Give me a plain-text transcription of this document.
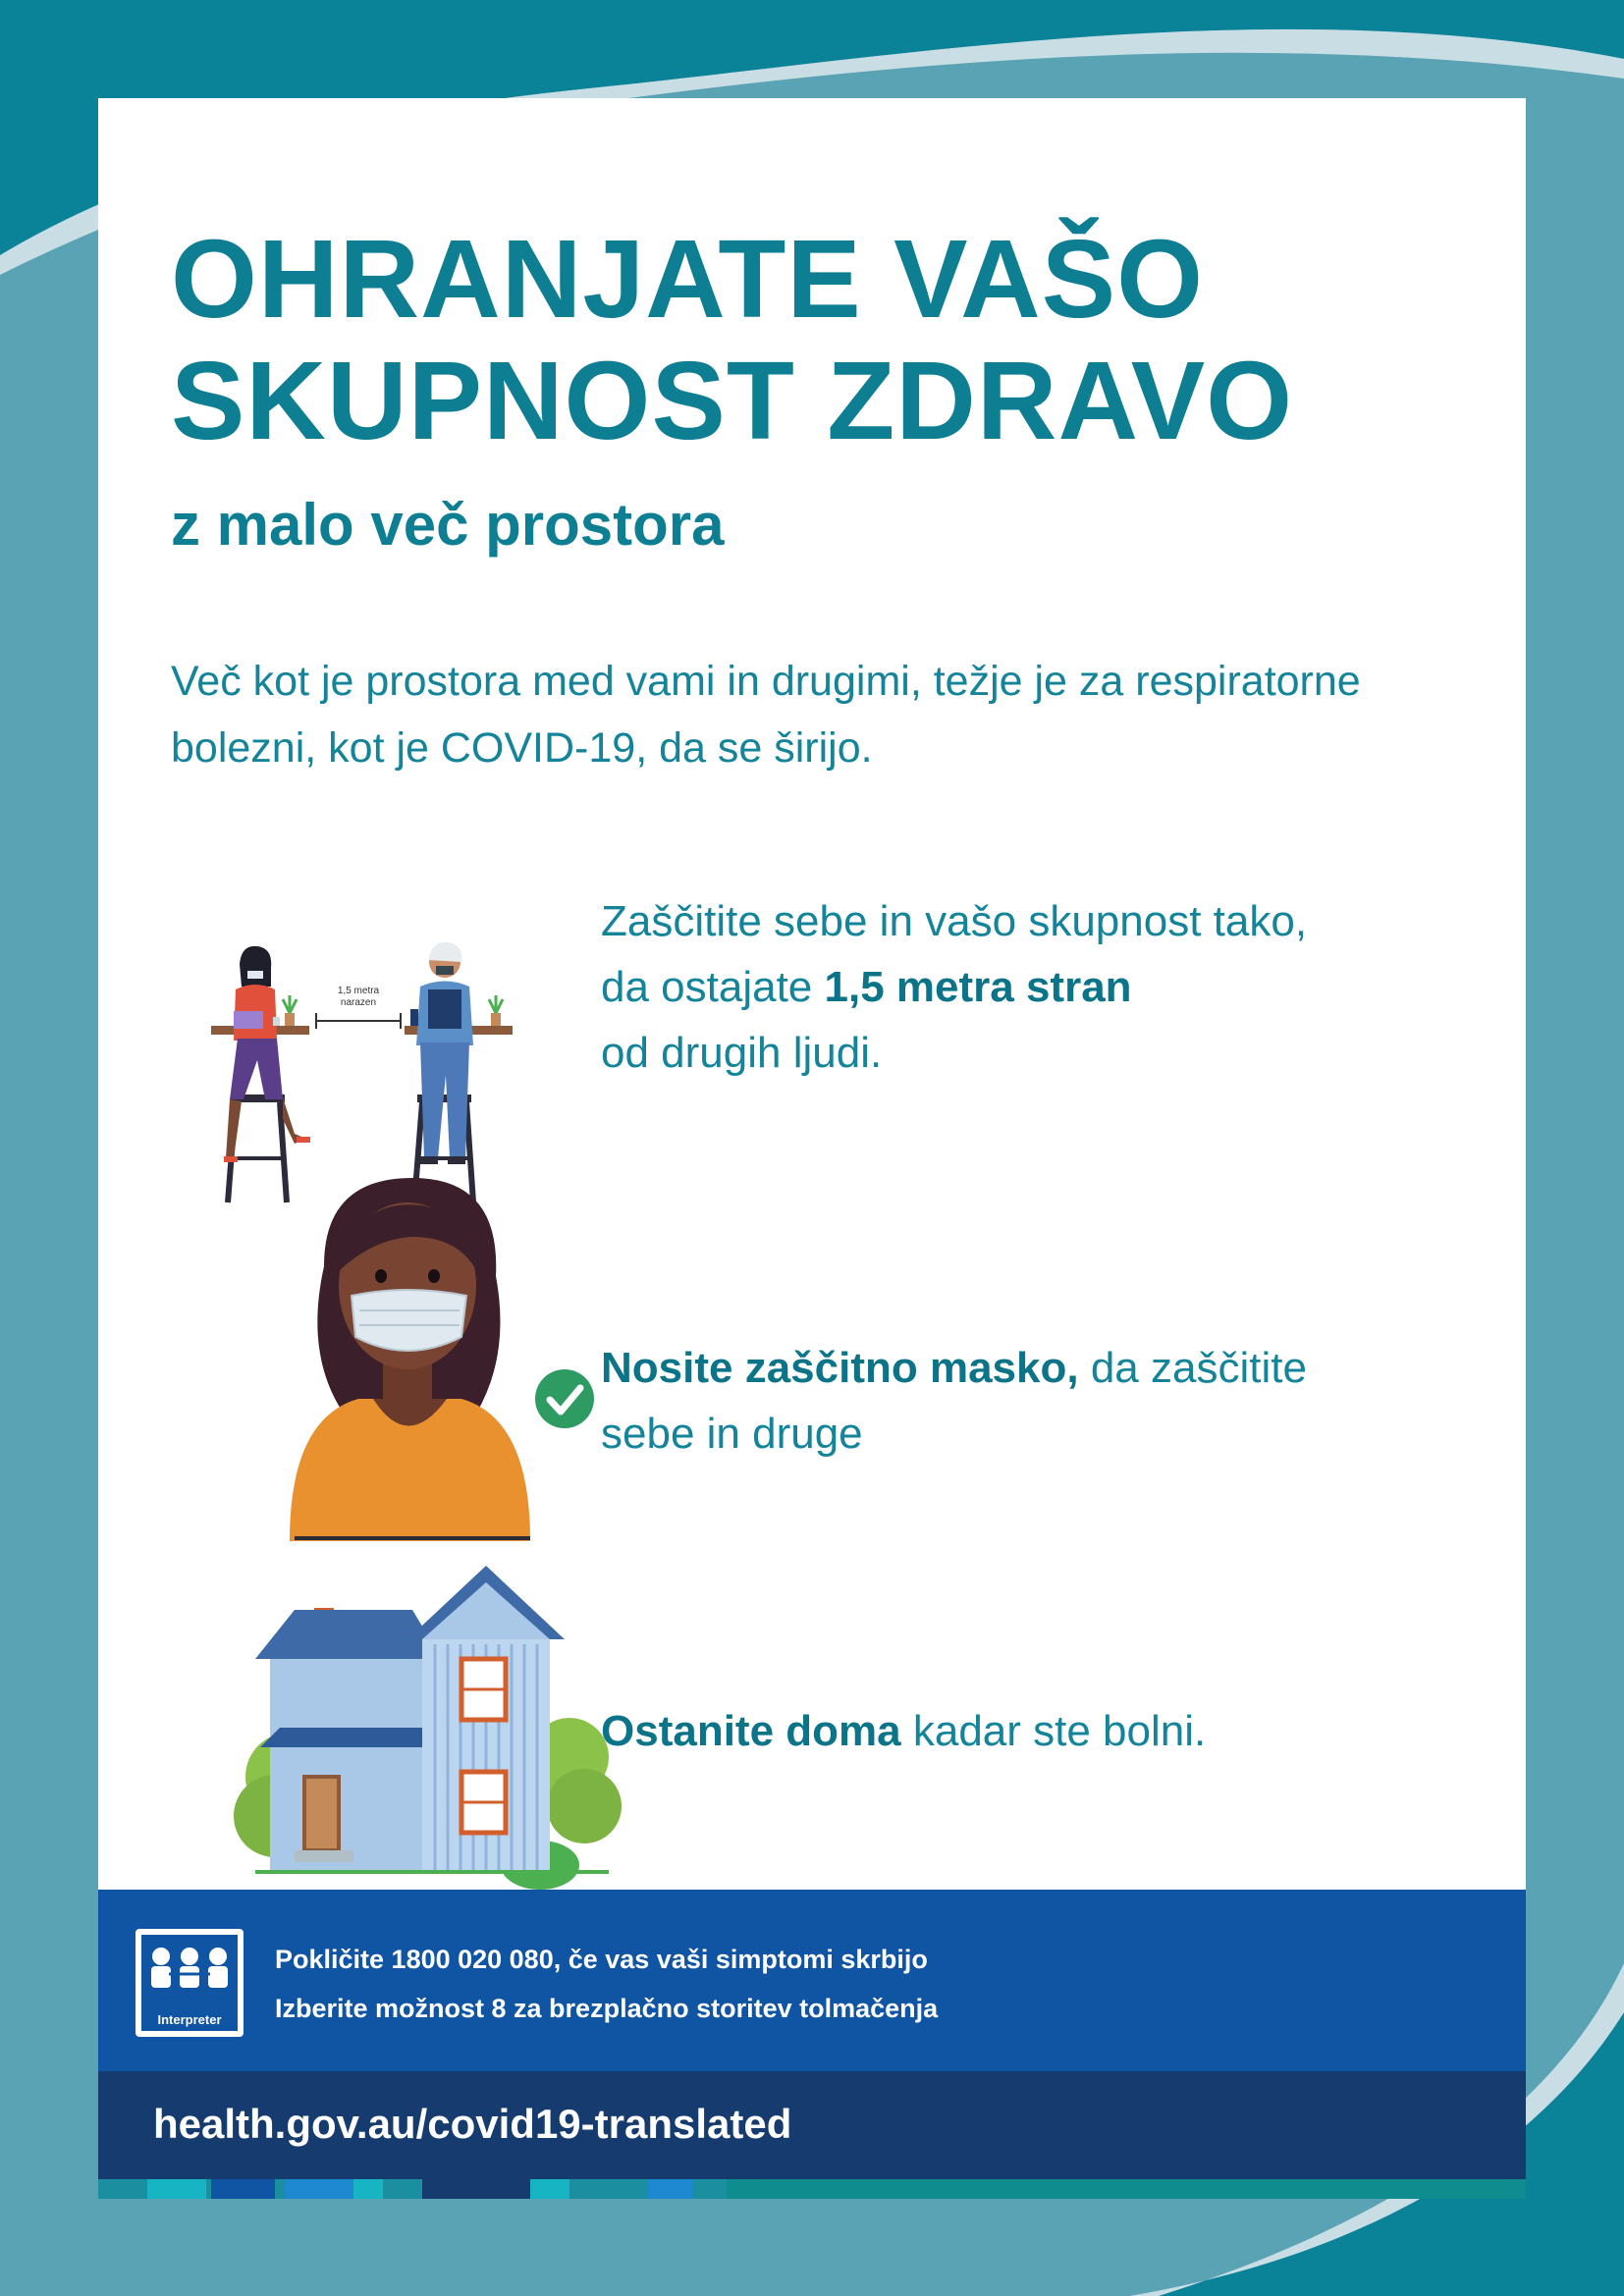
OHRANJATE VAŠO
SKUPNOST ZDRAVO
z malo več prostora
Več kot je prostora med vami in drugimi, težje je za respiratorne bolezni, kot je COVID-19, da se širijo.
1,5 metra
narazen
Zaščitite sebe in vašo skupnost tako,
da ostajate 1,5 metra stran
od drugih ljudi.
Nosite zaščitno masko, da zaščitite
sebe in druge
Ostanite doma kadar ste bolni.
Interpreter
Pokličite 1800 020 080, če vas vaši simptomi skrbijo
Izberite možnost 8 za brezplačno storitev tolmačenja
health.gov.au/covid19-translated
